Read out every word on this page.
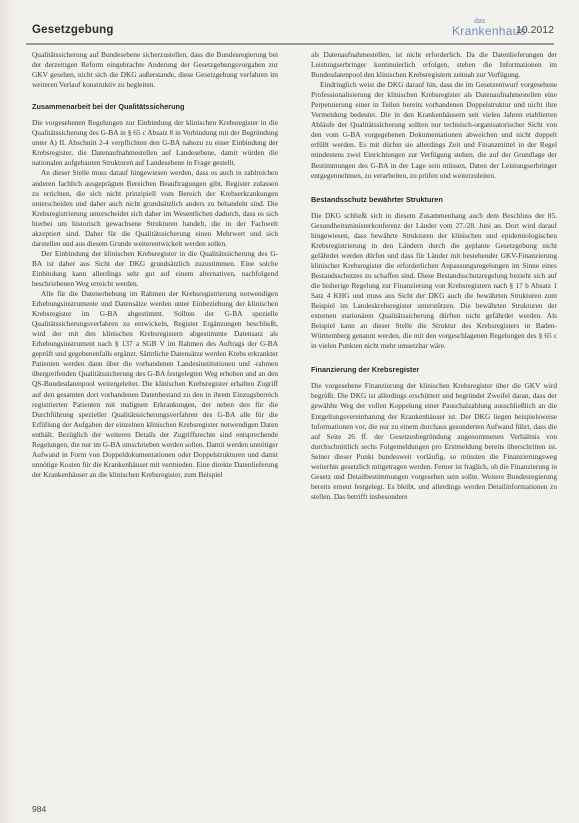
Gesetzgebung
das
Krankenhaus
10.2012

Qualitätssicherung auf Bundesebene sicherzustellen, dass die Bundesregierung bei der derzeitigen Reform eingebrachte Anderung der Gesetzgebungsvorgaben zur GKV gesehen, nicht sich die DKG außerstande, diese Gesetzgebung verfahren im weiteren Verlauf konstruktiv zu begleiten.

Zusammenarbeit bei der Qualitätssicherung

Die vorgesehenen Regelungen zur Einbindung der klinischen Krebsregister in die Qualitätssicherung des G-BA in § 65 c Absatz 8 in Verbindung mit der Begründung unter A) II. Abschnitt 2-4 verpflichten den G-BA nahezu zu einer Einbindung der Krebsregister, die Datenaufnahmestellen auf Landesebene, damit würden die nationalen aufgebauten Strukturen auf Landesebene in Frage gestellt.

An dieser Stelle muss darauf hingewiesen werden, dass es auch in zahlreichen anderen fachlich ausgeprägten Bereichen Beauftragungen gibt, Register zulassen zu errichten, die sich nicht prinzipiell vom Bereich der Krebserkrankungen unterscheiden und daher auch nicht grundsätzlich anders zu behandeln sind. Die Krebsregistrierung unterscheidet sich daher im Wesentlichen dadurch, dass es sich hierbei um historisch gewachsene Strukturen handelt, die in der Fachwelt akzeptiert sind. Daher für die Qualitätssicherung einen Mehrwert und sich darstellen und aus diesem Grunde weiterentwickelt werden sollen.

Der Einbindung der klinischen Krebsregister in die Qualitätssicherung des G-BA ist daher aus Sicht der DKG grundsätzlich zuzustimmen. Eine solche Einbindung kann allerdings sehr gut auf einem alternativen, nachfolgend beschriebenen Weg erreicht werden.

Alle für die Datenerhebung im Rahmen der Krebsregistrierung notwendigen Erhebungsinstrumente und Datensätze werden unter Einbeziehung der klinischen Krebsregister im G-BA abgestimmt. Sollten der G-BA spezielle Qualitätssicherungsverfahren zu entwickeln, Register Ergänzungen beschließt, wird der mit den klinischen Krebsregistern abgestimmte Datensatz als Erhebungsinstrument nach § 137 a SGB V im Rahmen des Auftrags der G-BA geprüft und gegebenenfalls ergänzt. Sämtliche Datensätze werden Krebs erkrankter Patienten werden dann über die vorhandenen Landesinstitutionen und -rahmen übergreifenden Qualitätssicherung des G-BA festgelegten Weg erhoben und an den QS-Bundesdatenpool weitergeleitet. Die klinischen Krebsregister erhalten Zugriff auf den gesamten dort vorhandenen Datenbestand zu den in ihrem Einzugsbereich registrierten Patienten mit malignen Erkrankungen, der neben den für die Durchführung spezieller Qualitätssicherungsverfahren des G-BA alle für die Erfüllung der Aufgaben der einzelnen klinischen Krebsregister notwendigen Daten enthält. Bezüglich der weiteren Details der Zugriffsrechte sind entsprechende Regelungen, die nur im G-BA umschrieben werden sollen. Damit werden unnötiger Aufwand in Form von Doppeldokumentationen oder Doppelstrukturen und damit unnötige Kosten für die Krankenhäuser mit vermieden. Eine direkte Datenlieferung der Krankenhäuser an die klinischen Krebsregister, zum Beispiel

als Datenaufnahmestellen, ist nicht erforderlich. Da die Datenlieferungen der Leistungserbringer kontinuierlich erfolgen, stehen die Informationen im Bundesdatenpool den klinischen Krebsregistern zeitnah zur Verfügung.

Eindringlich weist die DKG darauf hin, dass die im Gesetzentwurf vorgesehene Professionalisierung der klinischen Krebsregister als Datenaufnahmestellen eine Perpetuierung einer in Teilen bereits vorhandenen Doppelstruktur und nicht ihre Vermeidung bedeutet. Die in den Krankenhäusern seit vielen Jahren etablierten Abläufe der Qualitätssicherung sollten nur technisch-organisatorischer Sicht von den vom G-BA vorgegebenen Dokumentationen abweichen und nicht doppelt erfüllt werden. Es mit dürfen sie allerdings Zeit und Finanzmittel in der Regel mindestens zwei Einrichtungen zur Verfügung stehen, die auf der Grundlage der Bestimmungen des G-BA in der Lage sein müssen, Daten der Leistungserbringer entgegennehmen, zu verarbeiten, zu prüfen und weiterzuleiten.

Bestandsschutz bewährter Strukturen

Die DKG schließt sich in diesem Zusammenhang auch dem Beschluss der 85. Gesundheitsministerkonferenz der Länder vom 27./28. Juni an. Dort wird darauf hingewiesen, dass bewährte Strukturen der klinischen und epidemiologischen Krebsregistrierung in den Ländern durch die geplante Gesetzgebung nicht gefährdet werden dürfen und dass für Länder mit bestehender GKV-Finanzierung klinischer Krebsregister die erforderlichen Anpassungsregelungen im Sinne eines Bestandsschutzes zu schaffen sind. Diese Bestandsschutzregelung bezieht sich auf die bisherige Regelung zur Finanzierung von Krebsregistern nach § 17 b Absatz 1 Satz 4 KHG und muss aus Sicht der DKG auch die bewährten Strukturen zum Beispiel im Landeskrebsregister unterstützen. Die bewährten Strukturen der externen stationären Qualitätssicherung dürften nicht gefährdet werden. Als Beispiel kann an dieser Stelle die Struktur des Krebsregisters in Baden-Württemberg genannt werden, die mit den vorgeschlagenen Regelungen des § 65 c in vielen Punkten nicht mehr umsetzbar wäre.

Finanzierung der Krebsregister

Die vorgesehene Finanzierung der klinischen Krebsregister über die GKV wird begrüßt. Die DKG ist allerdings erschüttert und begründet Zweifel daran, dass der gewählte Weg der vollen Koppelung einer Pauschalzahlung ausschließlich an die Entgeltungsvereinbarung der Krankenhäuser ist. Der DKG liegen beispielsweise Informationen vor, die nur zu einem durchaus gesonderten Aufwand führt, dass die auf Seite 26 ff. der Gesetzesbegründung angenommenen Verhältnis von durchschnittlich sechs Folgemeldungen pro Erstmeldung bereits überschritten ist. Seiner dieser Punkt bundesweit vorläufig, so müssten die Finanzierungsweg weiterhin gesetzlich mitgetragen werden. Ferner ist fraglich, ob die Finanzierung in Gesetz und Detailbestimmungen vorgesehen sein sollte. Weitere Bundesregierung bereits erneut festgelegt. Es bleibt, und allerdings werden Detailinformationen zu stellen. Das betrifft insbesondere

984
